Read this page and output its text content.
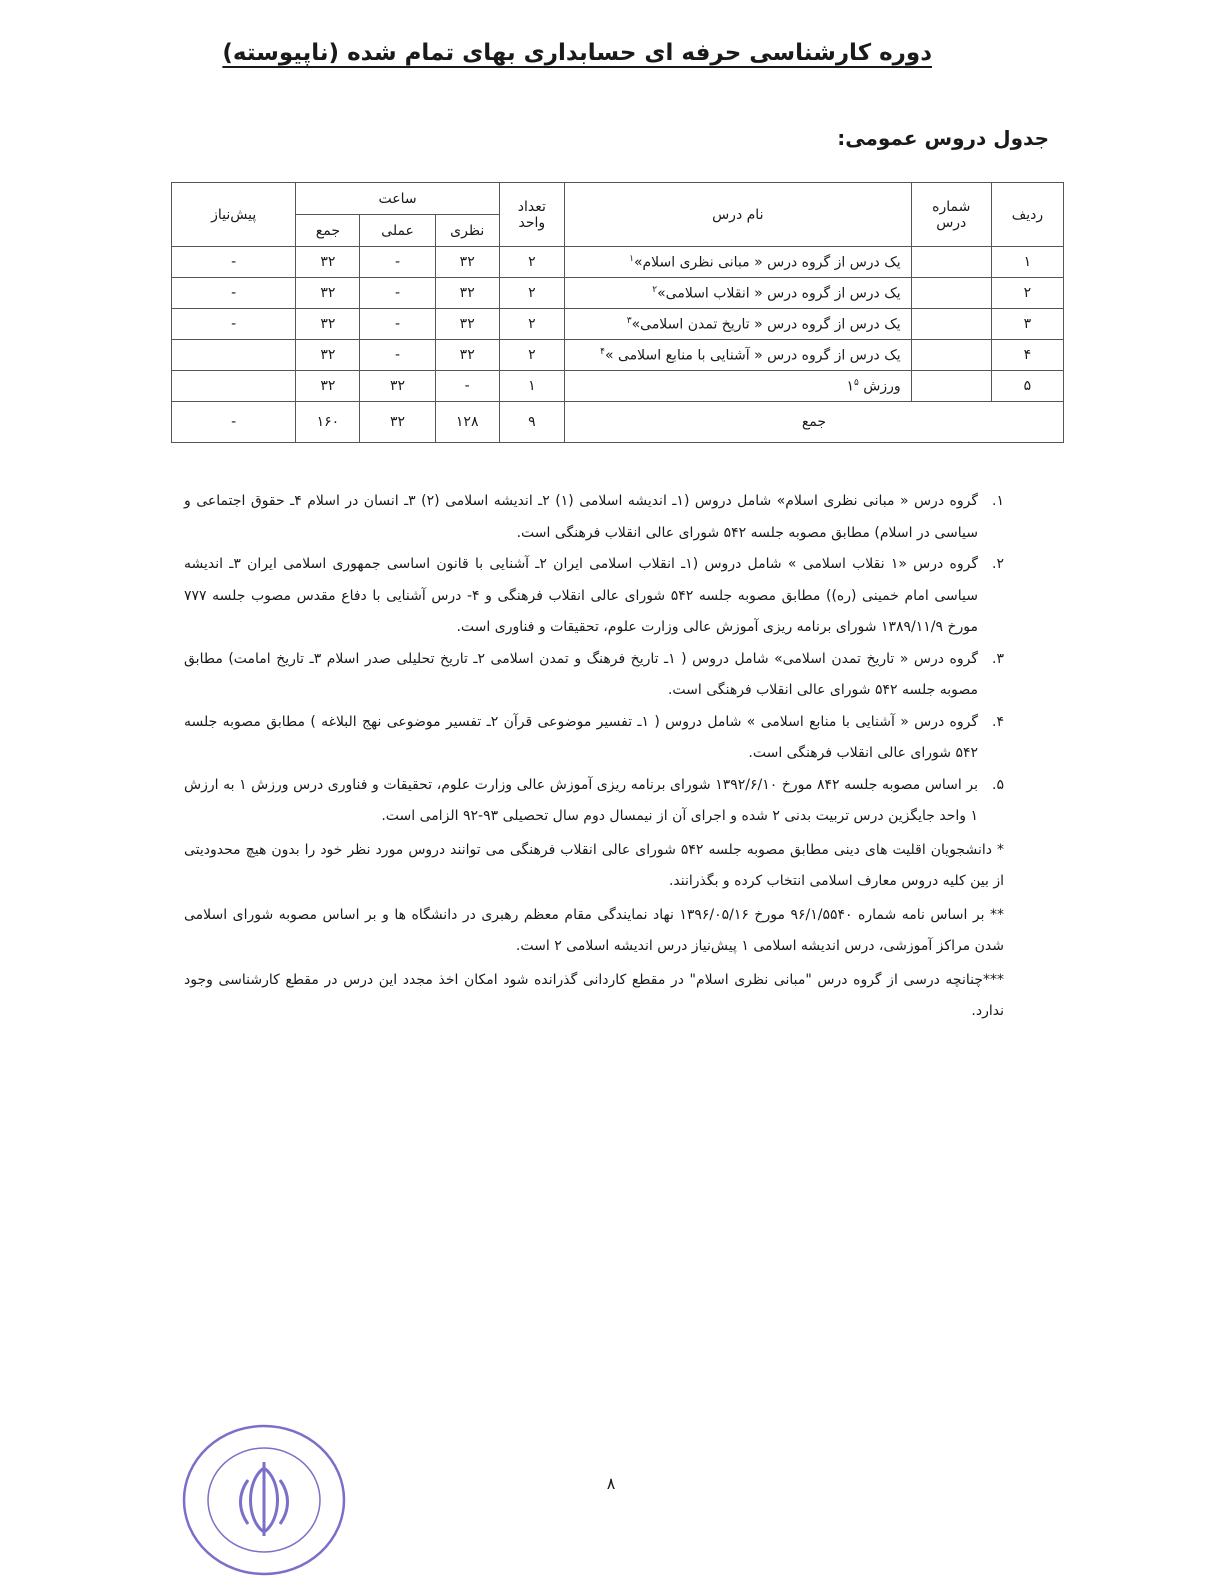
دوره کارشناسی حرفه ای حسابداری بهای تمام شده (ناپیوسته)
جدول دروس عمومی:
ردیف	شماره درس	نام درس	تعداد واحد	ساعت			پیش‌نیاز
				نظری	عملی	جمع	
۱		یک درس از گروه درس « مبانی نظری اسلام»$^۱$	۲	۳۲	-	۳۲	-
۲		یک درس از گروه درس « انقلاب اسلامی»$^۲$	۲	۳۲	-	۳۲	-
۳		یک درس از گروه درس « تاریخ تمدن اسلامی»$^۳$	۲	۳۲	-	۳۲	-
۴		یک درس از گروه درس « آشنایی با منابع اسلامی »$^۴$	۲	۳۲	-	۳۲	
۵		ورزش $۱^۵$	۱	-	۳۲	۳۲	
جمع			۹	۱۲۸	۳۲	۱۶۰	-
۱.
گروه درس « مبانی نظری اسلام» شامل دروس (۱ـ اندیشه اسلامی (۱) ۲ـ اندیشه اسلامی (۲) ۳ـ انسان در اسلام ۴ـ حقوق اجتماعی و سیاسی در اسلام) مطابق مصوبه جلسه ۵۴۲ شورای عالی انقلاب فرهنگی است.
۲.
گروه درس «۱ نقلاب اسلامی » شامل دروس (۱ـ انقلاب اسلامی ایران ۲ـ آشنایی با قانون اساسی جمهوری اسلامی ایران ۳ـ اندیشه سیاسی امام خمینی (ره)) مطابق مصوبه جلسه ۵۴۲ شورای عالی انقلاب فرهنگی و ۴- درس آشنایی با دفاع مقدس مصوب جلسه ۷۷۷ مورخ ۱۳۸۹/۱۱/۹ شورای برنامه ریزی آموزش عالی وزارت علوم، تحقیقات و فناوری است.
۳.
گروه درس « تاریخ تمدن اسلامی» شامل دروس ( ۱ـ تاریخ فرهنگ و تمدن اسلامی ۲ـ تاریخ تحلیلی صدر اسلام ۳ـ تاریخ امامت) مطابق مصوبه جلسه ۵۴۲ شورای عالی انقلاب فرهنگی است.
۴.
گروه درس « آشنایی با منابع اسلامی » شامل دروس ( ۱ـ تفسیر موضوعی قرآن ۲ـ تفسیر موضوعی نهج البلاغه ) مطابق مصوبه جلسه ۵۴۲ شورای عالی انقلاب فرهنگی است.
۵.
بر اساس مصوبه جلسه ۸۴۲ مورخ ۱۳۹۲/۶/۱۰ شورای برنامه ریزی آموزش عالی وزارت علوم، تحقیقات و فناوری درس ورزش ۱ به ارزش ۱ واحد جایگزین درس تربیت بدنی ۲ شده و اجرای آن از نیمسال دوم سال تحصیلی ۹۳-۹۲ الزامی است.
* دانشجویان اقلیت های دینی مطابق مصوبه جلسه ۵۴۲ شورای عالی انقلاب فرهنگی می توانند دروس مورد نظر خود را بدون هیچ محدودیتی از بین کلیه دروس معارف اسلامی انتخاب کرده و بگذرانند.
** بر اساس نامه شماره ۹۶/۱/۵۵۴۰ مورخ ۱۳۹۶/۰۵/۱۶ نهاد نمایندگی مقام معظم رهبری در دانشگاه ها و بر اساس مصوبه شورای اسلامی شدن مراکز آموزشی، درس اندیشه اسلامی ۱ پیش‌نیاز درس اندیشه اسلامی ۲ است.
***چنانچه درسی از گروه درس "مبانی نظری اسلام" در مقطع کاردانی گذرانده شود امکان اخذ مجدد این درس در مقطع کارشناسی وجود ندارد.
۸
